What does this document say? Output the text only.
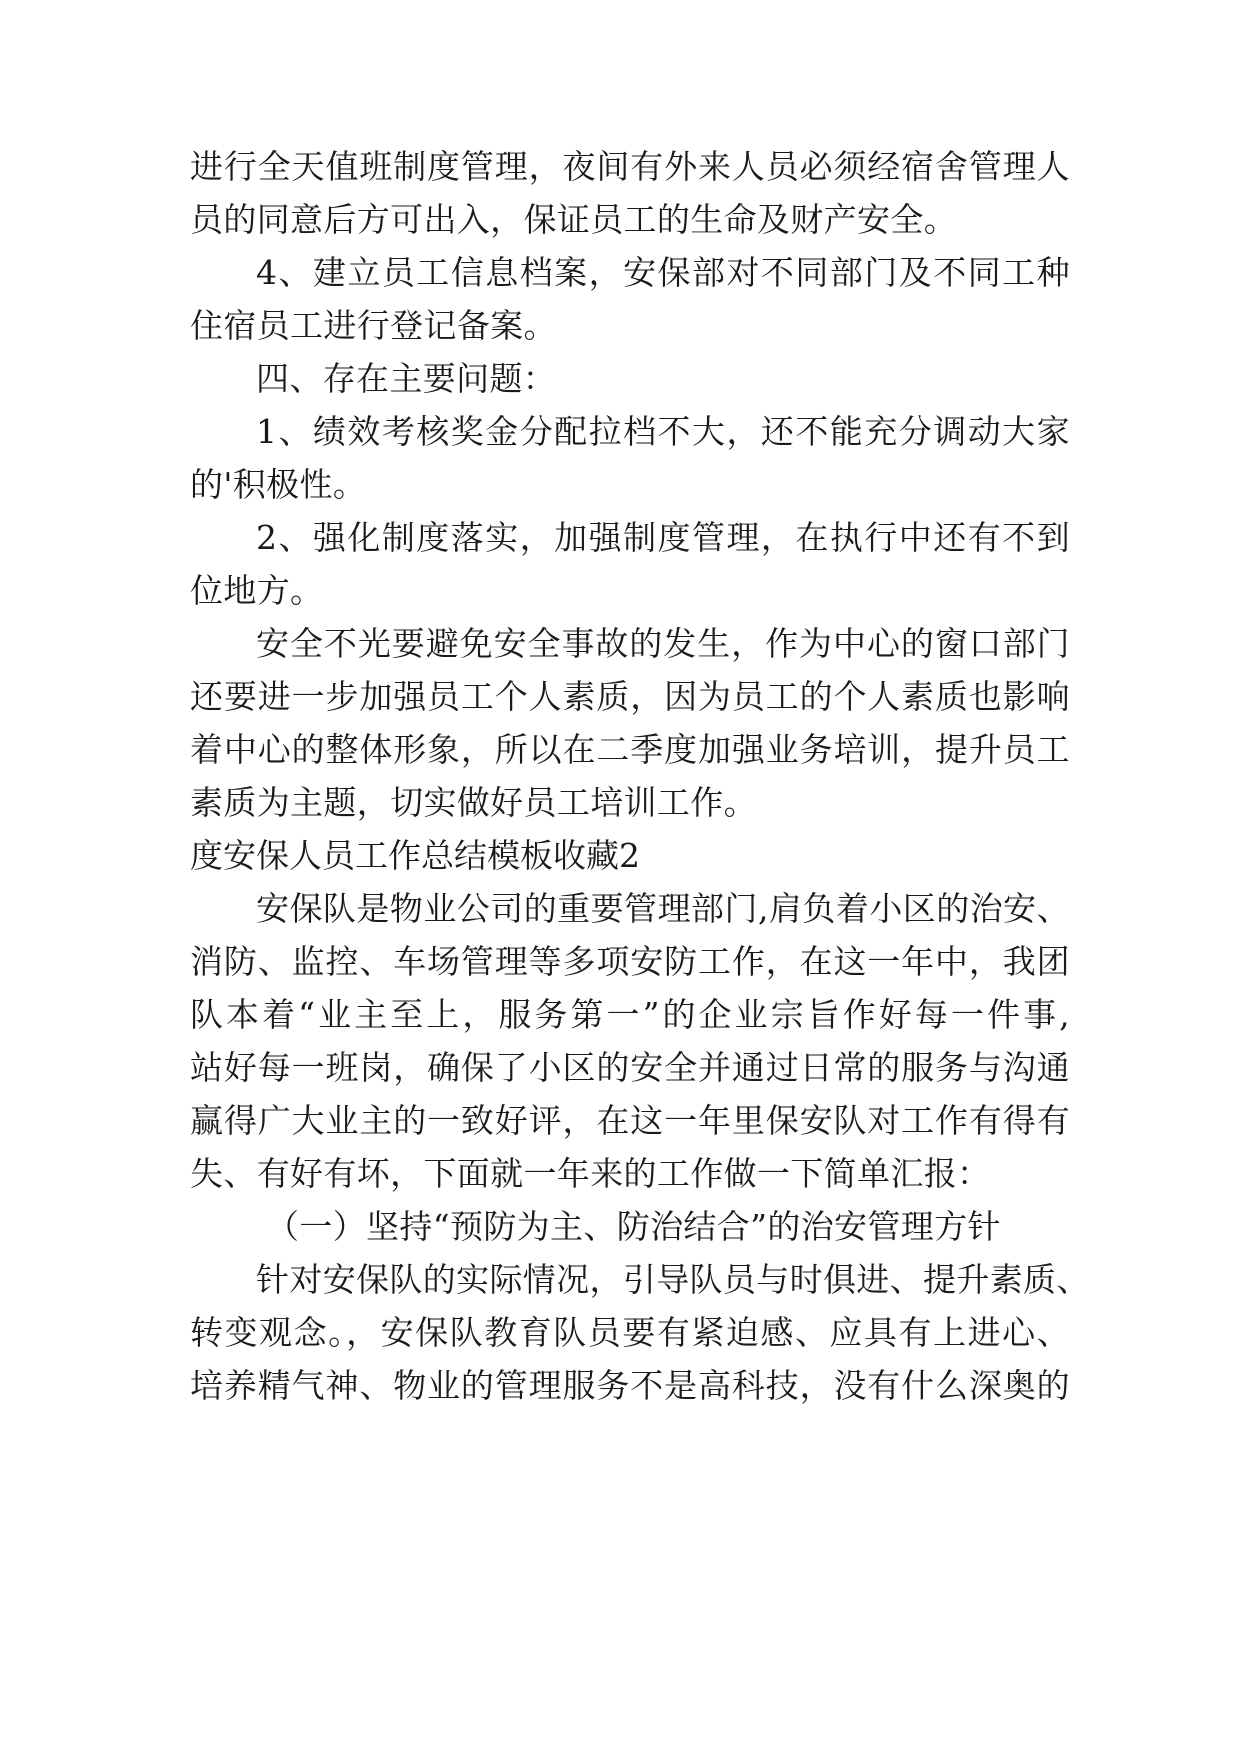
进行全天值班制度管理，夜间有外来人员必须经宿舍管理人
员的同意后方可出入，保证员工的生命及财产安全。
4、建立员工信息档案，安保部对不同部门及不同工种
住宿员工进行登记备案。
四、存在主要问题：
1、绩效考核奖金分配拉档不大，还不能充分调动大家
的'积极性。
2、强化制度落实，加强制度管理，在执行中还有不到
位地方。
安全不光要避免安全事故的发生，作为中心的窗口部门
还要进一步加强员工个人素质，因为员工的个人素质也影响
着中心的整体形象，所以在二季度加强业务培训，提升员工
素质为主题，切实做好员工培训工作。
度安保人员工作总结模板收藏2
安保队是物业公司的重要管理部门,肩负着小区的治安、
消防、监控、车场管理等多项安防工作，在这一年中，我团
队本着“业主至上，服务第一”的企业宗旨作好每一件事,
站好每一班岗，确保了小区的安全并通过日常的服务与沟通
赢得广大业主的一致好评，在这一年里保安队对工作有得有
失、有好有坏，下面就一年来的工作做一下简单汇报：
（一）坚持“预防为主、防治结合”的治安管理方针
针对安保队的实际情况，引导队员与时俱进、提升素质、
转变观念。，安保队教育队员要有紧迫感、应具有上进心、
培养精气神、物业的管理服务不是高科技，没有什么深奥的
